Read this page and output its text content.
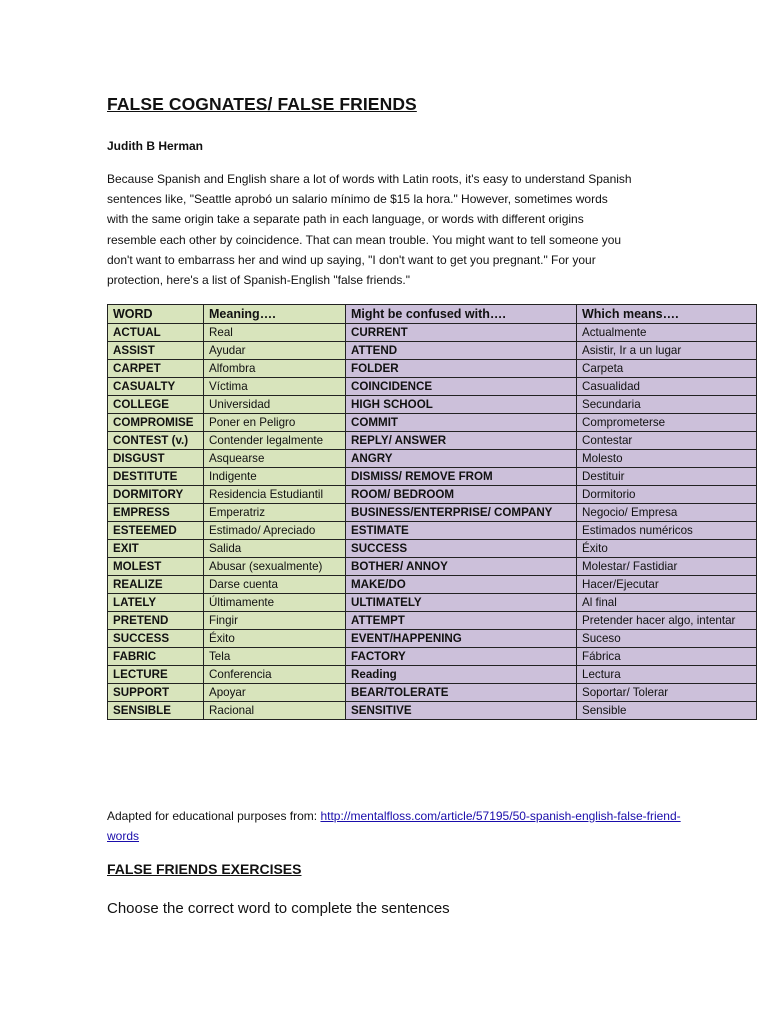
FALSE COGNATES/ FALSE FRIENDS
Judith B Herman

Because Spanish and English share a lot of words with Latin roots, it's easy to understand Spanish
sentences like, "Seattle aprobó un salario mínimo de $15 la hora." However, sometimes words
with the same origin take a separate path in each language, or words with different origins
resemble each other by coincidence. That can mean trouble. You might want to tell someone you
don't want to embarrass her and wind up saying, "I don't want to get you pregnant." For your
protection, here's a list of Spanish-English "false friends."

WORD	Meaning….	Might be confused with….	Which means….
ACTUAL	Real	CURRENT	Actualmente
ASSIST	Ayudar	ATTEND	Asistir, Ir a un lugar
CARPET	Alfombra	FOLDER	Carpeta
CASUALTY	Víctima	COINCIDENCE	Casualidad
COLLEGE	Universidad	HIGH SCHOOL	Secundaria
COMPROMISE	Poner en Peligro	COMMIT	Comprometerse
CONTEST (v.)	Contender legalmente	REPLY/ ANSWER	Contestar
DISGUST	Asquearse	ANGRY	Molesto
DESTITUTE	Indigente	DISMISS/ REMOVE FROM	Destituir
DORMITORY	Residencia Estudiantil	ROOM/ BEDROOM	Dormitorio
EMPRESS	Emperatriz	BUSINESS/ENTERPRISE/ COMPANY	Negocio/ Empresa
ESTEEMED	Estimado/ Apreciado	ESTIMATE	Estimados numéricos
EXIT	Salida	SUCCESS	Éxito
MOLEST	Abusar (sexualmente)	BOTHER/ ANNOY	Molestar/ Fastidiar
REALIZE	Darse cuenta	MAKE/DO	Hacer/Ejecutar
LATELY	Últimamente	ULTIMATELY	Al final
PRETEND	Fingir	ATTEMPT	Pretender hacer algo, intentar
SUCCESS	Éxito	EVENT/HAPPENING	Suceso
FABRIC	Tela	FACTORY	Fábrica
LECTURE	Conferencia	Reading	Lectura
SUPPORT	Apoyar	BEAR/TOLERATE	Soportar/ Tolerar
SENSIBLE	Racional	SENSITIVE	Sensible

Adapted for educational purposes from: http://mentalfloss.com/article/57195/50-spanish-english-false-friend-words

FALSE FRIENDS EXERCISES
Choose the correct word to complete the sentences
